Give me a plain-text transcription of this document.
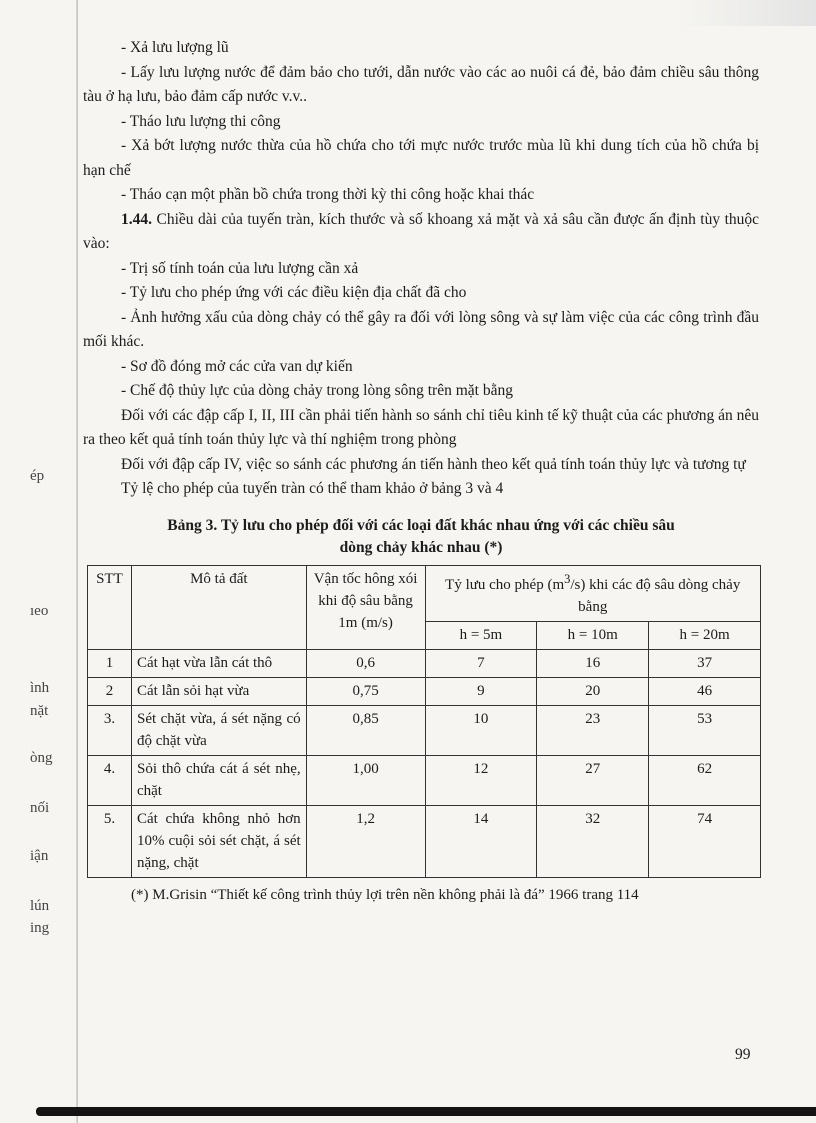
ép
ıeo
ình
nặt
òng
nối
iận
lún
ing

- Xả lưu lượng lũ

- Lấy lưu lượng nước để đảm bảo cho tưới, dẫn nước vào các ao nuôi cá đẻ, bảo đảm chiều sâu thông tàu ở hạ lưu, bảo đảm cấp nước v.v..

- Tháo lưu lượng thi công

- Xả bớt lượng nước thừa của hồ chứa cho tới mực nước trước mùa lũ khi dung tích của hồ chứa bị hạn chế

- Tháo cạn một phần bồ chứa trong thời kỳ thi công hoặc khai thác

1.44. Chiều dài của tuyến tràn, kích thước và số khoang xả mặt và xả sâu cần được ấn định tùy thuộc vào:

- Trị số tính toán của lưu lượng cần xả

- Tỷ lưu cho phép ứng với các điều kiện địa chất đã cho

- Ảnh hưởng xấu của dòng chảy có thể gây ra đối với lòng sông và sự làm việc của các công trình đầu mối khác.

- Sơ đồ đóng mở các cửa van dự kiến

- Chế độ thủy lực của dòng chảy trong lòng sông trên mặt bằng

Đối với các đập cấp I, II, III cần phải tiến hành so sánh chỉ tiêu kinh tế kỹ thuật của các phương án nêu ra theo kết quả tính toán thủy lực và thí nghiệm trong phòng

Đối với đập cấp IV, việc so sánh các phương án tiến hành theo kết quả tính toán thủy lực và tương tự

Tỷ lệ cho phép của tuyến tràn có thể tham khảo ở bảng 3 và 4

Bảng 3. Tỷ lưu cho phép đối với các loại đất khác nhau ứng với các chiều sâu
dòng chảy khác nhau (*)
STT	Mô tả đất	Vận tốc hông xói khi độ sâu bằng 1m (m/s)	Tỷ lưu cho phép $(m^3/s)$ khi các độ sâu dòng chảy bằng		
			h = 5m	h = 10m	h = 20m
1	Cát hạt vừa lẫn cát thô	0,6	7	16	37
2	Cát lẫn sỏi hạt vừa	0,75	9	20	46
3.	Sét chặt vừa, á sét nặng có độ chặt vừa	0,85	10	23	53
4.	Sỏi thô chứa cát á sét nhẹ, chặt	1,00	12	27	62
5.	Cát chứa không nhỏ hơn 10% cuội sỏi sét chặt, á sét nặng, chặt	1,2	14	32	74
(*) M.Grisin “Thiết kế công trình thủy lợi trên nền không phải là đá” 1966 trang 114
99
